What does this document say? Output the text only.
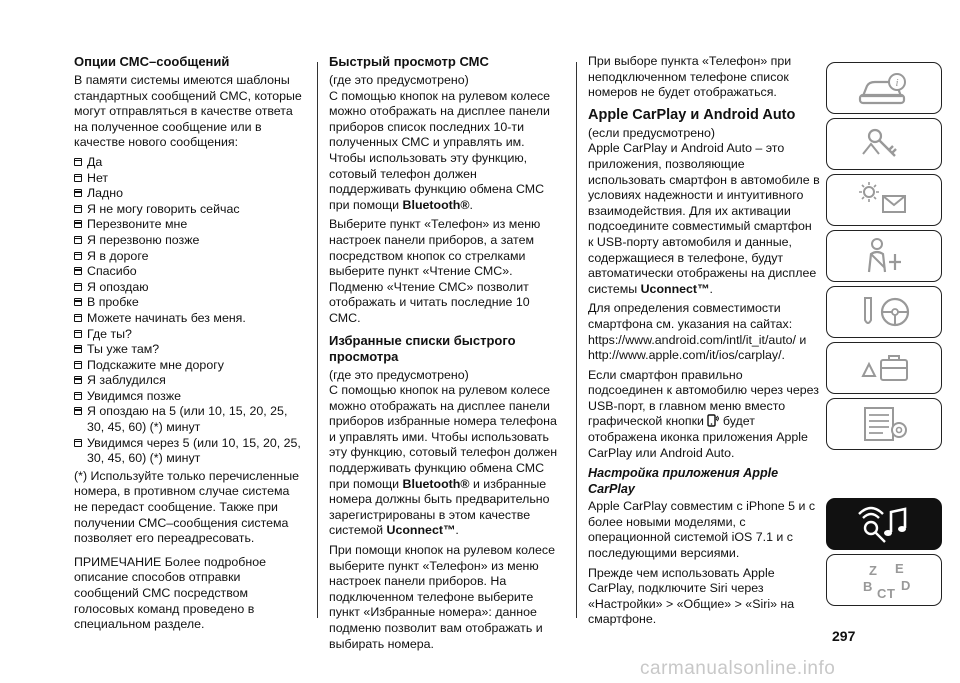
Опции СМС–сообщений

В памяти системы имеются шаблоны стандартных сообщений СМС, которые могут отправляться в качестве ответа на полученное сообщение или в качестве нового сообщения:

Да
Нет
Ладно
Я не могу говорить сейчас
Перезвоните мне
Я перезвоню позже
Я в дороге
Спасибо
Я опоздаю
В пробке
Можете начинать без меня.
Где ты?
Ты уже там?
Подскажите мне дорогу
Я заблудился
Увидимся позже
Я опоздаю на 5 (или 10, 15, 20, 25, 30, 45, 60) (*) минут
Увидимся через 5 (или 10, 15, 20, 25, 30, 45, 60) (*) минут

(*) Используйте только перечисленные номера, в противном случае система не передаст сообщение. Также при получении СМС–сообщения система позволяет его переадресовать.

ПРИМЕЧАНИЕ Более подробное описание способов отправки сообщений СМС посредством голосовых команд проведено в специальном разделе.

Быстрый просмотр СМС

(где это предусмотрено)

С помощью кнопок на рулевом колесе можно отображать на дисплее панели приборов список последних 10-ти полученных СМС и управлять им. Чтобы использовать эту функцию, сотовый телефон должен поддерживать функцию обмена СМС при помощи Bluetooth®.

Выберите пункт «Телефон» из меню настроек панели приборов, а затем посредством кнопок со стрелками выберите пункт «Чтение СМС». Подменю «Чтение СМС» позволит отображать и читать последние 10 СМС.

Избранные списки быстрого просмотра

(где это предусмотрено)

С помощью кнопок на рулевом колесе можно отображать на дисплее панели приборов избранные номера телефона и управлять ими. Чтобы использовать эту функцию, сотовый телефон должен поддерживать функцию обмена СМС при помощи Bluetooth® и избранные номера должны быть предварительно зарегистрированы в этом качестве системой Uconnect™.

При помощи кнопок на рулевом колесе выберите пункт «Телефон» из меню настроек панели приборов. На подключенном телефоне выберите пункт «Избранные номера»: данное подменю позволит вам отображать и выбирать номера.

При выборе пункта «Телефон» при неподключенном телефоне список номеров не будет отображаться.

Apple CarPlay и Android Auto

(если предусмотрено)

Apple CarPlay и Android Auto – это приложения, позволяющие использовать смартфон в автомобиле в условиях надежности и интуитивного взаимодействия. Для их активации подсоедините совместимый смартфон к USB-порту автомобиля и данные, содержащиеся в телефоне, будут автоматически отображены на дисплее системы Uconnect™.

Для определения совместимости смартфона см. указания на сайтах: https://www.android.com/intl/it_it/auto/ и http://www.apple.com/it/ios/carplay/.

Если смартфон правильно подсоединен к автомобилю через через USB-порт, в главном меню вместо графической кнопки  будет отображена иконка приложения Apple CarPlay или Android Auto.

Настройка приложения Apple CarPlay

Apple CarPlay совместим с iPhone 5 и с более новыми моделями, с операционной системой iOS 7.1 и с последующими версиями.

Прежде чем использовать Apple CarPlay, подключите Siri через «Настройки» > «Общие» > «Siri» на смартфоне.

i
Z E
B D
C T
297
carmanualsonline.info
